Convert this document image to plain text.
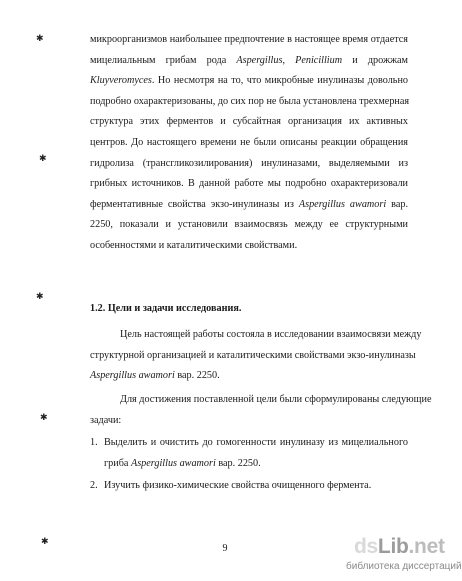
✱
✱
✱
✱
✱
микроорганизмов наибольшее предпочтение в настоящее время отдается
мицелиальным грибам рода Aspergillus, Penicillium и дрожжам
Kluyveromyces. Но несмотря на то, что микробные инулиназы довольно
подробно охарактеризованы, до сих пор не была установлена трехмерная
структура этих ферментов и субсайтная организация их активных
центров. До настоящего времени не были описаны реакции обращения
гидролиза (трансгликозилирования) инулиназами, выделяемыми из
грибных источников. В данной работе мы подробно охарактеризовали
ферментативные свойства экзо-инулиназы из Aspergillus awamori вар.
2250, показали и установили взаимосвязь между ее структурными
особенностями и каталитическими свойствами.
1.2. Цели и задачи исследования.
Цель настоящей работы состояла в исследовании взаимосвязи между
структурной организацией и каталитическими свойствами экзо-инулиназы
Aspergillus awamori вар. 2250.
Для достижения поставленной цели были сформулированы следующие
задачи:
1. Выделить и очистить до гомогенности инулиназу из мицелиального
гриба Aspergillus awamori вар. 2250.
2. Изучить физико-химические свойства очищенного фермента.
9	dsLib.net
библиотека диссертаций
